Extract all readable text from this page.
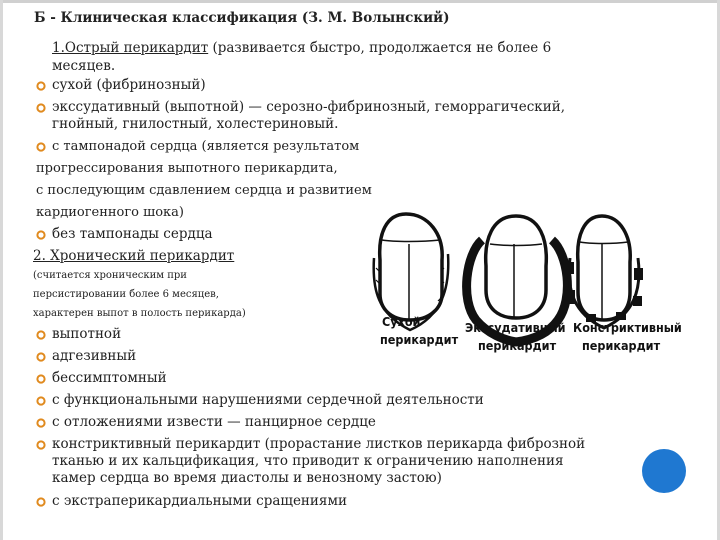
Б - Клиническая классификация (З. М. Волынский)
1.Острый перикардит (развивается быстро, продолжается не более 6
месяцев.
сухой (фибринозный)
экссудативный (выпотной) — серозно-фибринозный, геморрагический,
гнойный, гнилостный, холестериновый.
с тампонадой сердца (является результатом
прогрессирования выпотного перикардита,
с последующим сдавлением сердца и развитием
кардиогенного шока)
без тампонады сердца
2. Хронический перикардит
(считается хроническим при
персистировании более 6 месяцев,
характерен выпот в полость перикарда)
выпотной
адгезивный
бессимптомный
с функциональными нарушениями сердечной деятельности
с отложениями извести — панцирное сердце
констриктивный перикардит (прорастание листков перикарда фиброзной
тканью и их кальцификация, что приводит к ограничению наполнения
камер сердца во время диастолы и венозному застою)
с экстраперикардиальными сращениями
Сухой
перикардит
Экссудативный
перикардит
Констриктивный
перикардит
